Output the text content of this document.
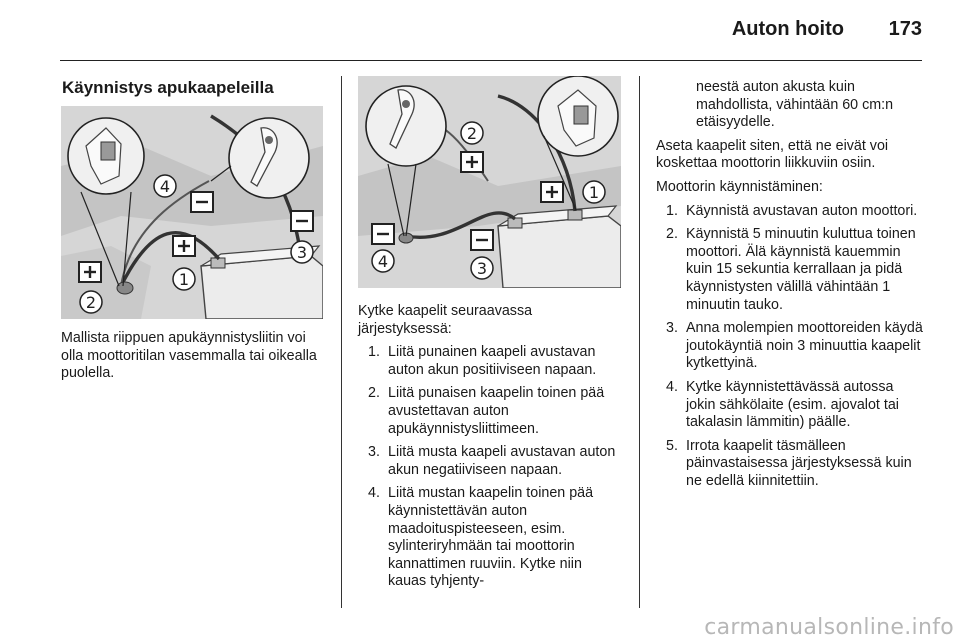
Auton hoito 173
Käynnistys apukaapeleilla
4
2
1
3
2
1
4	3

Mallista riippuen apukäynnistysliitin voi olla moottoritilan vasemmalla tai oikealla puolella.

Kytke kaapelit seuraavassa järjestyksessä:

1. Liitä punainen kaapeli avustavan auton akun positiiviseen napaan.
2. Liitä punaisen kaapelin toinen pää avustettavan auton apukäynnistysliittimeen.
3. Liitä musta kaapeli avustavan auton akun negatiiviseen napaan.
4. Liitä mustan kaapelin toinen pää käynnistettävän auton maadoituspisteeseen, esim. sylinteriryhmään tai moottorin kannattimen ruuviin. Kytke niin kauas tyhjenty-

neestä auton akusta kuin mahdollista, vähintään 60 cm:n etäisyydelle.

Aseta kaapelit siten, että ne eivät voi koskettaa moottorin liikkuviin osiin.

Moottorin käynnistäminen:

1. Käynnistä avustavan auton moottori.
2. Käynnistä 5 minuutin kuluttua toinen moottori. Älä käynnistä kauemmin kuin 15 sekuntia kerrallaan ja pidä käynnistysten välillä vähintään 1 minuutin tauko.
3. Anna molempien moottoreiden käydä joutokäyntiä noin 3 minuuttia kaapelit kytkettyinä.
4. Kytke käynnistettävässä autossa jokin sähkölaite (esim. ajovalot tai takalasin lämmitin) päälle.
5. Irrota kaapelit täsmälleen päinvastaisessa järjestyksessä kuin ne edellä kiinnitettiin.
carmanualsonline.info
